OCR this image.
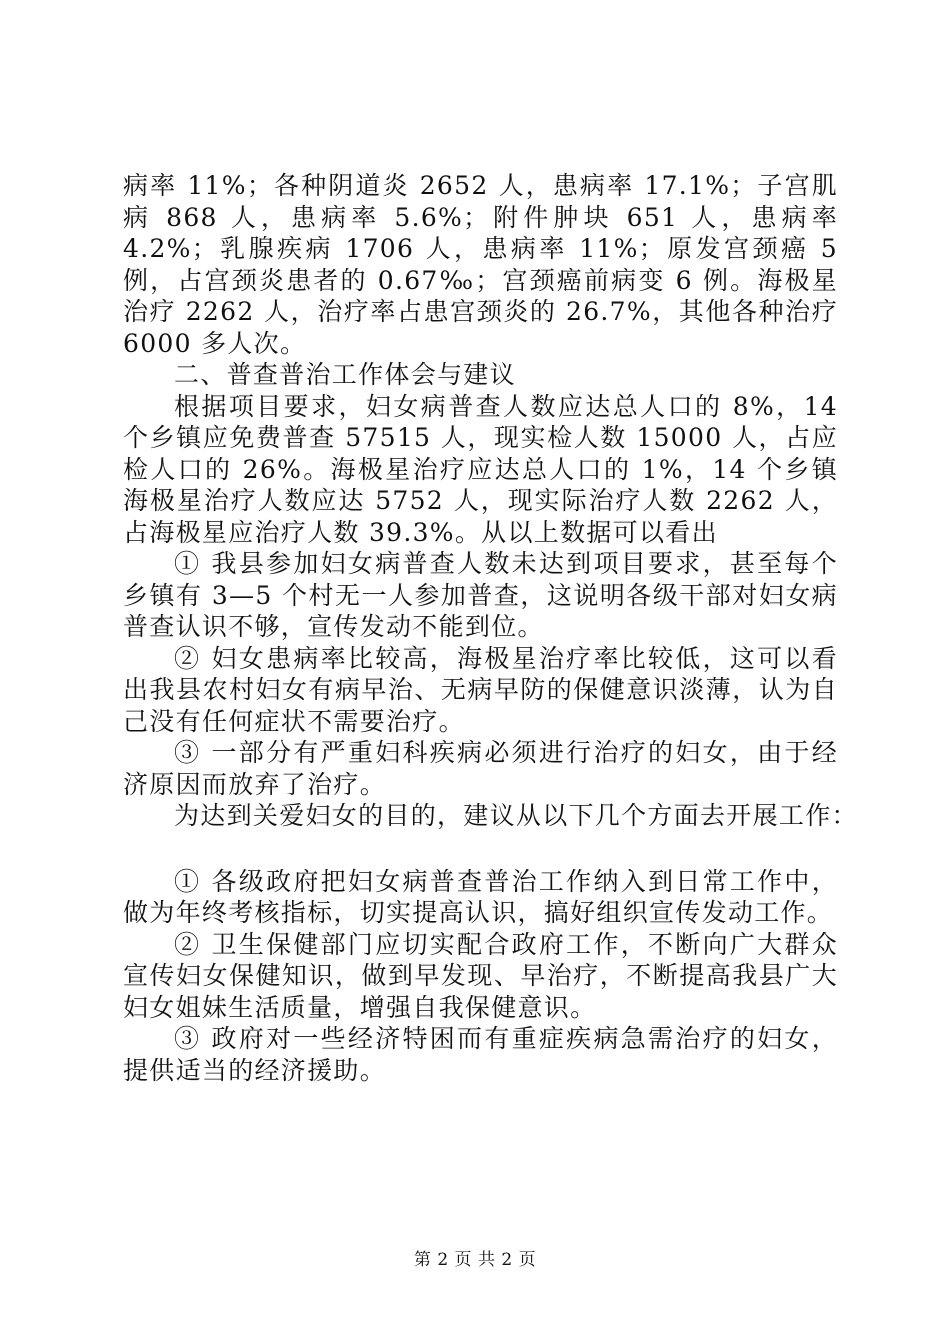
病率 11%；各种阴道炎 2652 人，患病率 17.1%；子宫肌病 868 人，患病率 5.6%；附件肿块 651 人，患病率 4.2%；乳腺疾病 1706 人，患病率 11%；原发宫颈癌 5 例，占宫颈炎患者的 0.67‰；宫颈癌前病变 6 例。海极星治疗 2262 人，治疗率占患宫颈炎的 26.7%，其他各种治疗 6000 多人次。

二、普查普治工作体会与建议

根据项目要求，妇女病普查人数应达总人口的 8%，14 个乡镇应免费普查 57515 人，现实检人数 15000 人，占应检人口的 26%。海极星治疗应达总人口的 1%，14 个乡镇海极星治疗人数应达 5752 人，现实际治疗人数 2262 人，占海极星应治疗人数 39.3%。从以上数据可以看出

① 我县参加妇女病普查人数未达到项目要求，甚至每个乡镇有 3—5 个村无一人参加普查，这说明各级干部对妇女病普查认识不够，宣传发动不能到位。

② 妇女患病率比较高，海极星治疗率比较低，这可以看出我县农村妇女有病早治、无病早防的保健意识淡薄，认为自己没有任何症状不需要治疗。

③ 一部分有严重妇科疾病必须进行治疗的妇女，由于经济原因而放弃了治疗。

为达到关爱妇女的目的，建议从以下几个方面去开展工作：

① 各级政府把妇女病普查普治工作纳入到日常工作中，做为年终考核指标，切实提高认识，搞好组织宣传发动工作。

② 卫生保健部门应切实配合政府工作，不断向广大群众宣传妇女保健知识，做到早发现、早治疗，不断提高我县广大妇女姐妹生活质量，增强自我保健意识。

③ 政府对一些经济特困而有重症疾病急需治疗的妇女，提供适当的经济援助。

第 2 页 共 2 页
